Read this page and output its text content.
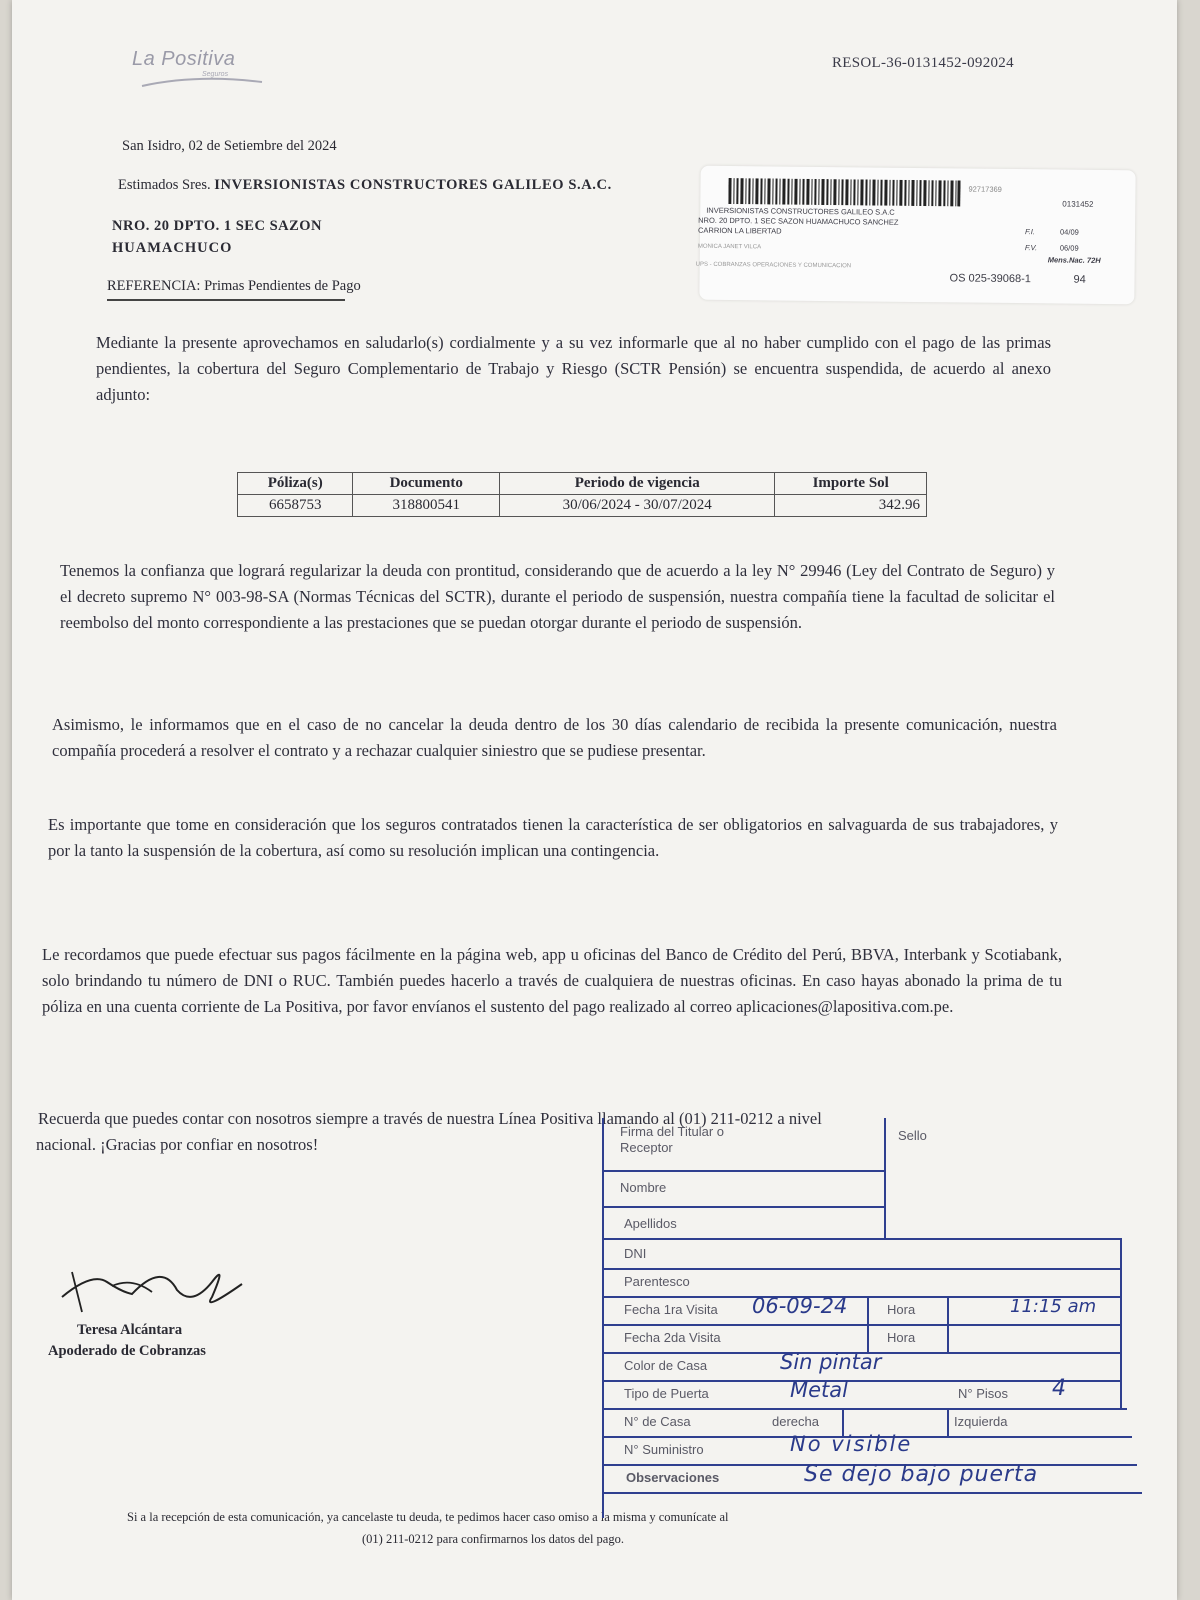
La Positiva
Seguros
RESOL-36-0131452-092024
San Isidro, 02 de Setiembre del 2024
Estimados Sres. INVERSIONISTAS CONSTRUCTORES GALILEO S.A.C.
NRO. 20 DPTO. 1 SEC SAZON
HUAMACHUCO
REFERENCIA: Primas Pendientes de Pago
92717369
0131452
INVERSIONISTAS CONSTRUCTORES GALILEO S.A.C
NRO. 20 DPTO. 1 SEC SAZON HUAMACHUCO SANCHEZ
CARRION LA LIBERTAD
MONICA JANET VILCA
UPS - COBRANZAS OPERACIONES Y COMUNICACION
F.I.	04/09
F.V.	06/09
Mens.Nac. 72H
OS 025-39068-1	94
Mediante la presente aprovechamos en saludarlo(s) cordialmente y a su vez informarle que al no haber cumplido con el pago de las primas pendientes, la cobertura del Seguro Complementario de Trabajo y Riesgo (SCTR Pensión) se encuentra suspendida, de acuerdo al anexo adjunto:
Póliza(s)	Documento	Periodo de vigencia	Importe Sol
6658753	318800541	30/06/2024 - 30/07/2024	342.96
Tenemos la confianza que logrará regularizar la deuda con prontitud, considerando que de acuerdo a la ley N° 29946 (Ley del Contrato de Seguro) y el decreto supremo N° 003-98-SA (Normas Técnicas del SCTR), durante el periodo de suspensión, nuestra compañía tiene la facultad de solicitar el reembolso del monto correspondiente a las prestaciones que se puedan otorgar durante el periodo de suspensión.
Asimismo, le informamos que en el caso de no cancelar la deuda dentro de los 30 días calendario de recibida la presente comunicación, nuestra compañía procederá a resolver el contrato y a rechazar cualquier siniestro que se pudiese presentar.
Es importante que tome en consideración que los seguros contratados tienen la característica de ser obligatorios en salvaguarda de sus trabajadores, y por la tanto la suspensión de la cobertura, así como su resolución implican una contingencia.
Le recordamos que puede efectuar sus pagos fácilmente en la página web, app u oficinas del Banco de Crédito del Perú, BBVA, Interbank y Scotiabank, solo brindando tu número de DNI o RUC. También puedes hacerlo a través de cualquiera de nuestras oficinas. En caso hayas abonado la prima de tu póliza en una cuenta corriente de La Positiva, por favor envíanos el sustento del pago realizado al correo aplicaciones@lapositiva.com.pe.
Recuerda que puedes contar con nosotros siempre a través de nuestra Línea Positiva llamando al (01) 211-0212 a nivel
nacional. ¡Gracias por confiar en nosotros!
Teresa Alcántara
Apoderado de Cobranzas
Si a la recepción de esta comunicación, ya cancelaste tu deuda, te pedimos hacer caso omiso a la misma y comunícate al
(01) 211-0212 para confirmarnos los datos del pago.
Firma del Titular o Receptor
Sello
Nombre
Apellidos
DNI
Parentesco
Fecha 1ra Visita 06-09-24	Hora	11:15 am
Fecha 2da Visita	Hora
Color de Casa	Sin pintar
Tipo de Puerta	Metal	N° Pisos 4
N° de Casa	derecha	Izquierda
N° Suministro	No visible
Observaciones	Se dejo bajo puerta
